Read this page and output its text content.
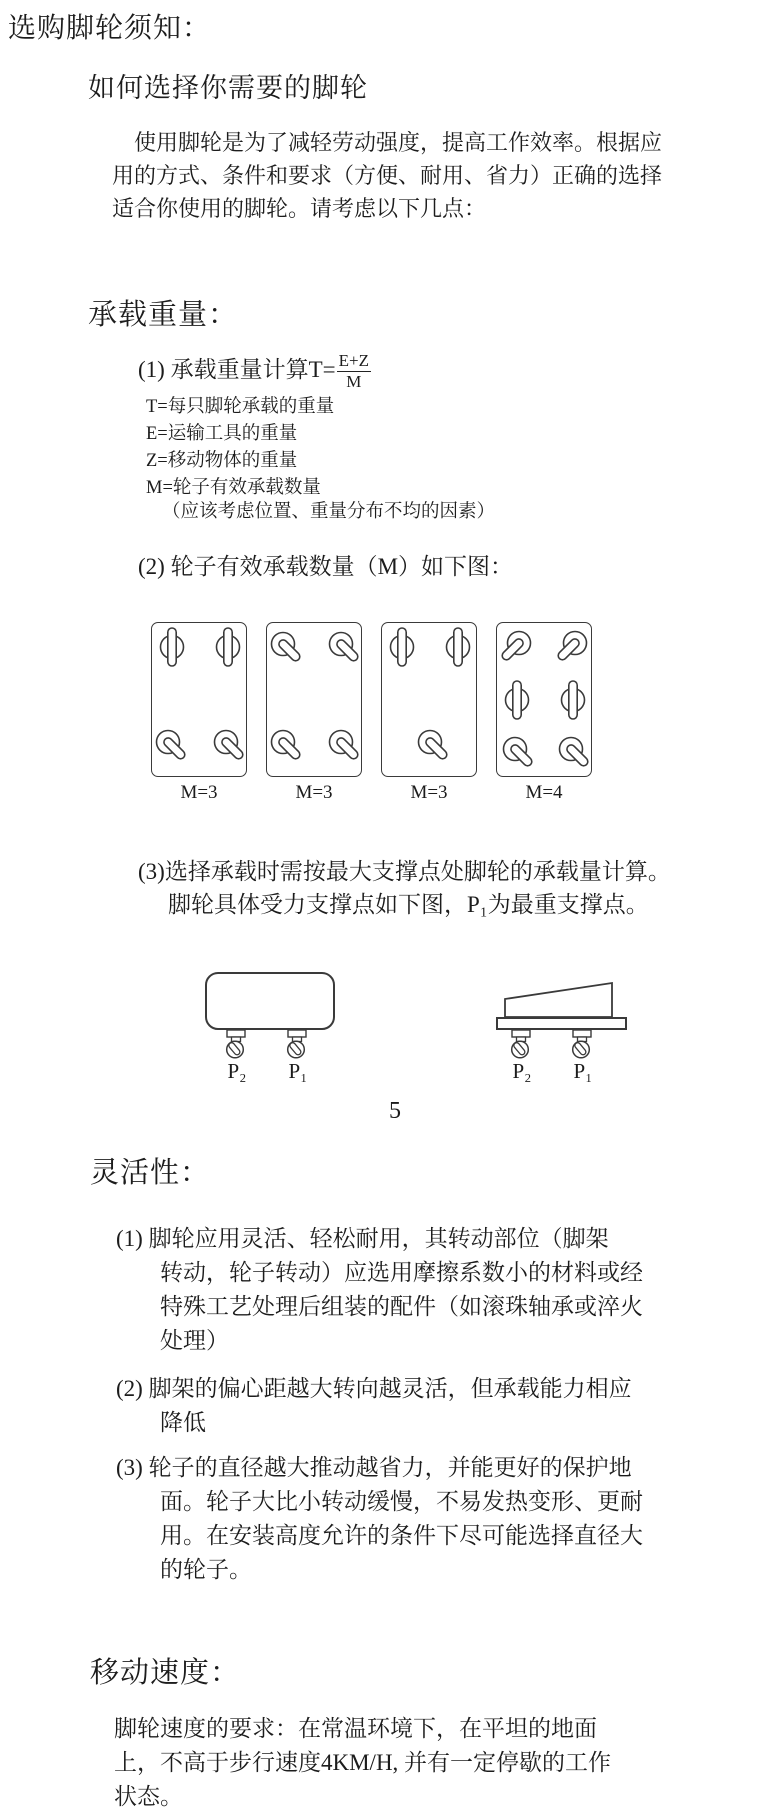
选购脚轮须知：
如何选择你需要的脚轮
使用脚轮是为了减轻劳动强度，提高工作效率。根据应
用的方式、条件和要求（方便、耐用、省力）正确的选择
适合你使用的脚轮。请考虑以下几点：
承载重量：
(1) 承载重量计算$T= \frac{E+Z}{M}$
T=每只脚轮承载的重量
E=运输工具的重量
Z=移动物体的重量
M=轮子有效承载数量
（应该考虑位置、重量分布不均的因素）
(2) 轮子有效承载数量（M）如下图：
M=3	M=3	M=3	M=4
(3)选择承载时需按最大支撑点处脚轮的承载量计算。
脚轮具体受力支撑点如下图，P₁为最重支撑点。
P₂	P₁	P₂	P₁
5
灵活性：
(1) 脚轮应用灵活、轻松耐用，其转动部位（脚架
转动，轮子转动）应选用摩擦系数小的材料或经
特殊工艺处理后组装的配件（如滚珠轴承或淬火
处理）
(2) 脚架的偏心距越大转向越灵活，但承载能力相应
降低
(3) 轮子的直径越大推动越省力，并能更好的保护地
面。轮子大比小转动缓慢，不易发热变形、更耐
用。在安装高度允许的条件下尽可能选择直径大
的轮子。
移动速度：
脚轮速度的要求：在常温环境下，在平坦的地面
上，不高于步行速度4KM/H, 并有一定停歇的工作
状态。
